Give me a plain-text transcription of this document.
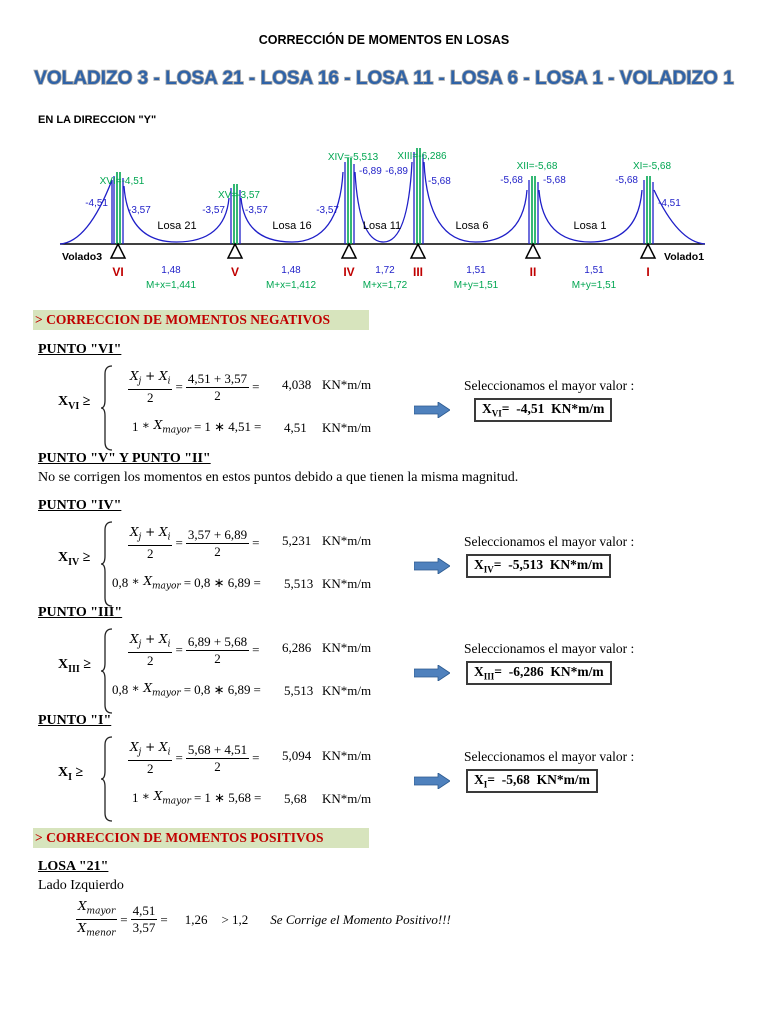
CORRECCIÓN DE MOMENTOS EN LOSAS
VOLADIZO 3 - LOSA 21 - LOSA 16 - LOSA 11 - LOSA 6 - LOSA 1 - VOLADIZO 1
EN LA DIRECCION "Y"
VI	V	IV	III	II	I
XVI=-4,51
XV=-3,57
XIV=-5,513 XIII=-6,286
XII=-5,68	XI=-5,68
-4,51
-3,57	-3,57 -3,57	-3,57
-6,89 -6,89
-5,68	-5,68 -5,68	-5,68
-4,51
Losa 21	Losa 16	Losa 11	Losa 6	Losa 1
Volado3	Volado1
1,48
M+x=1,441
1,48
M+x=1,412
1,72
M+x=1,72
1,51
M+y=1,51
1,51
M+y=1,51
> CORRECCION DE MOMENTOS NEGATIVOS
PUNTO "VI"
$X_{VI}$ ≥	$\frac{X_j + X_i}{2} = \frac{4,51 + 3,57}{2} = 4,038$ KN*m/m
1
∗ $X_{mayor} = 1$ ∗ 4,51 = 4,51 KN*m/m
Seleccionamos el mayor valor :
$X_{VI}= -4,51$ KN*m/m
PUNTO "IV"
$X_{IV}$ ≥	$\frac{X_j + X_i}{2} = \frac{3,57 + 6,89}{2} = 5,231$ KN*m/m
0,8
∗ $X_{mayor} = 0,8$ ∗ 6,89 = 5,513 KN*m/m
Seleccionamos el mayor valor :
$X_{IV}= -5,513$ KN*m/m
PUNTO "III"
$X_{III}$ ≥	$\frac{X_j + X_i}{2} = \frac{6,89 + 5,68}{2} = 6,286$ KN*m/m
0,8
∗ $X_{mayor} = 0,8$ ∗ 6,89 = 5,513 KN*m/m
Seleccionamos el mayor valor :
$X_{III}= -6,286$ KN*m/m
PUNTO "I"
$X_I$ ≥	$\frac{X_j + X_i}{2} = \frac{5,68 + 4,51}{2} = 5,094$ KN*m/m
1
∗ $X_{mayor} = 1$ ∗ 5,68 = 5,68 KN*m/m
Seleccionamos el mayor valor :
$X_I= -5,68$ KN*m/m
PUNTO "V" Y PUNTO "II"
No se corrigen los momentos en estos puntos debido a que tienen la misma magnitud.
> CORRECCION DE MOMENTOS POSITIVOS
LOSA "21"
Lado Izquierdo
$\frac{X_{mayor}}{X_{menor}} = \frac{4,51}{3,57} = 1,26 > 1,2$ Se Corrige el Momento Positivo!!!
